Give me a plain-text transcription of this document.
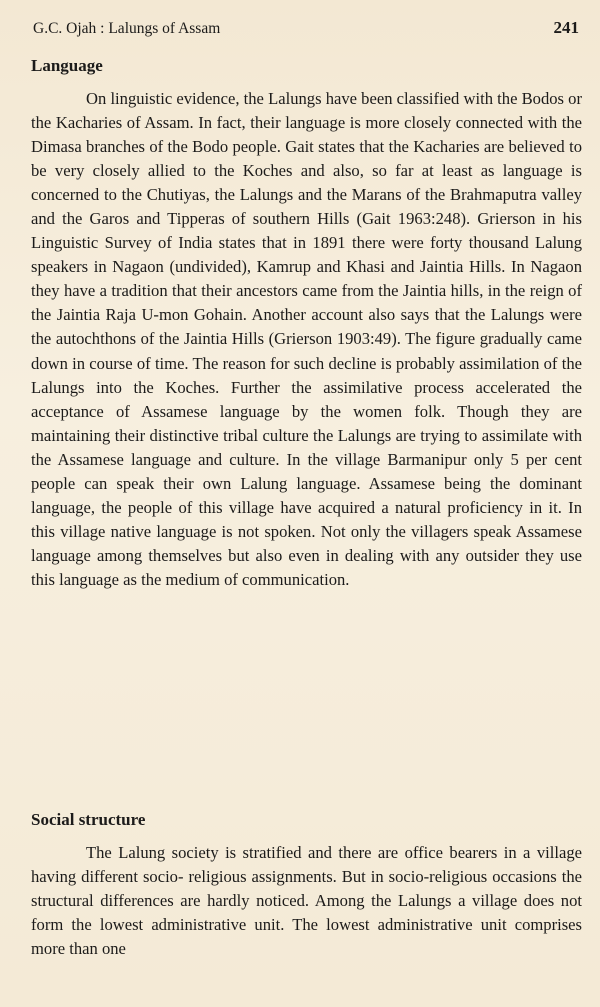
G.C. Ojah : Lalungs of Assam	241
Language

On linguistic evidence, the Lalungs have been classified with the Bodos or the Kacharies of Assam. In fact, their language is more closely connected with the Dimasa branches of the Bodo people. Gait states that the Kacharies are believed to be very closely allied to the Koches and also, so far at least as language is concerned to the Chutiyas, the Lalungs and the Marans of the Brahmaputra valley and the Garos and Tipperas of southern Hills (Gait 1963:248). Grierson in his Linguistic Survey of India states that in 1891 there were forty thousand Lalung speakers in Nagaon (undivided), Kamrup and Khasi and Jaintia Hills. In Nagaon they have a tradition that their ancestors came from the Jaintia hills, in the reign of the Jaintia Raja U-mon Gohain. Another account also says that the Lalungs were the autochthons of the Jaintia Hills (Grierson 1903:49). The figure gradually came down in course of time. The reason for such decline is probably assimilation of the Lalungs into the Koches. Further the assimilative process accelerated the acceptance of Assamese language by the women folk. Though they are maintaining their distinctive tribal culture the Lalungs are trying to assimilate with the Assamese language and culture. In the village Barmanipur only 5 per cent people can speak their own Lalung language. Assamese being the dominant language, the people of this village have acquired a natural proficiency in it. In this village native language is not spoken. Not only the villagers speak Assamese language among themselves but also even in dealing with any outsider they use this language as the medium of communication.

Social structure

The Lalung society is stratified and there are office bearers in a village having different socio- religious assignments. But in socio-religious occasions the structural differences are hardly noticed. Among the Lalungs a village does not form the lowest administrative unit. The lowest administrative unit comprises more than one
